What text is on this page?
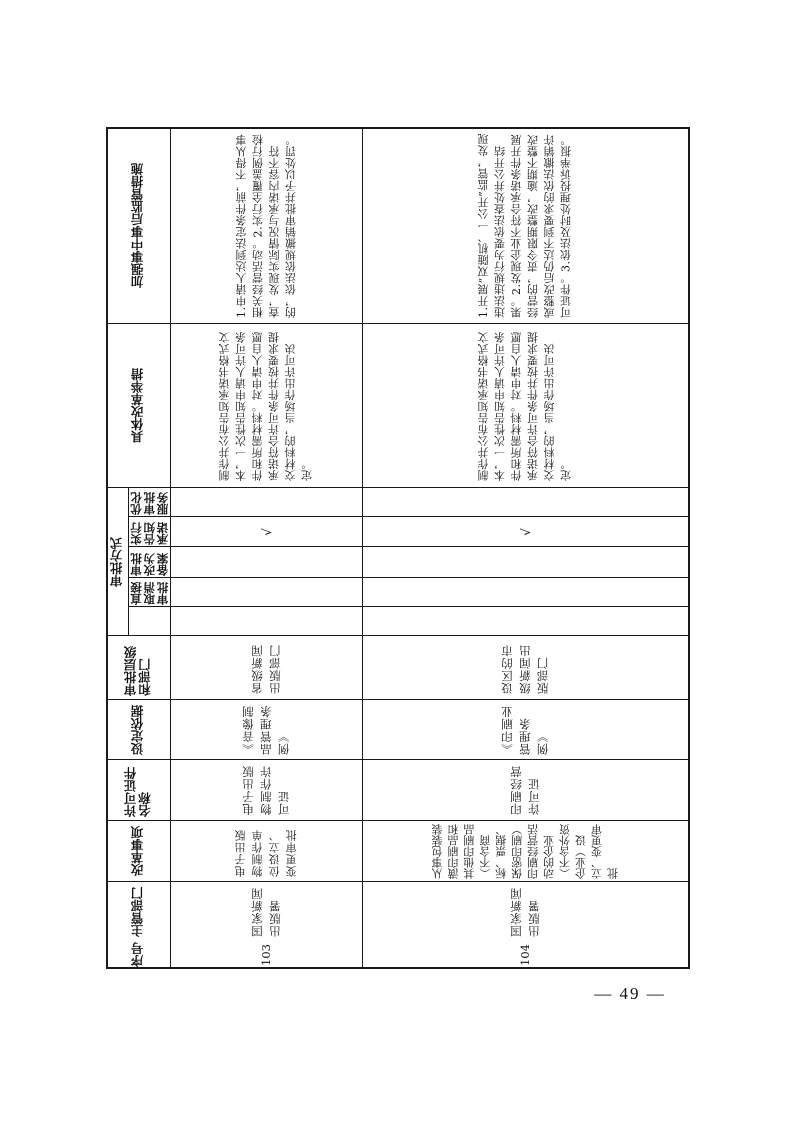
加强事中事后监管措施
具体改革举措
审批方式
优化审批服务
实行告知承诺
审批改为备案
直接取消审批
审批层级和部门
设定依据
许可证件名称
改革事项
主管部门
序号
1.申请人达到法定条件前，不得从事相关经营活动。2.实行全覆盖例行检查，发现实际情况与承诺内容不符的，依法依规撤销审批并予以处罚。
制作并公布告知承诺书格式文本，一次性告知申请人许可条件和所需材料。对申请人自愿承诺符合许可条件并按要求提交材料的，当场作出许可决定。
√
省级新闻出版部门
《音像制品管理条例》
电子出版物制作许可证
电子出版物制作单位设立、变更审批
国家新闻出版署
103
1.开展“双随机、一公开”监管，发现违法违规行为要依法查处并公开结果。2.发现企业不符合承诺条件开展经营的，责令限期整改，逾期不整改或整改后仍达不到要求的依法撤销许可证件。3.依法及时处理投诉举报。
制作并公布告知承诺书格式文本，一次性告知申请人许可条件和所需材料。对申请人自愿承诺符合许可条件并按要求提交材料的，当场作出许可决定。
√
设区的市级新闻出版部门
《印刷业管理条例》
印刷经营许可证
从事包装装潢印刷品和其他印刷品（不含商标、票据、保密印刷）印刷经营活动的企业（不含外资企业）设立、变更审批
国家新闻出版署
104
— 49 —
